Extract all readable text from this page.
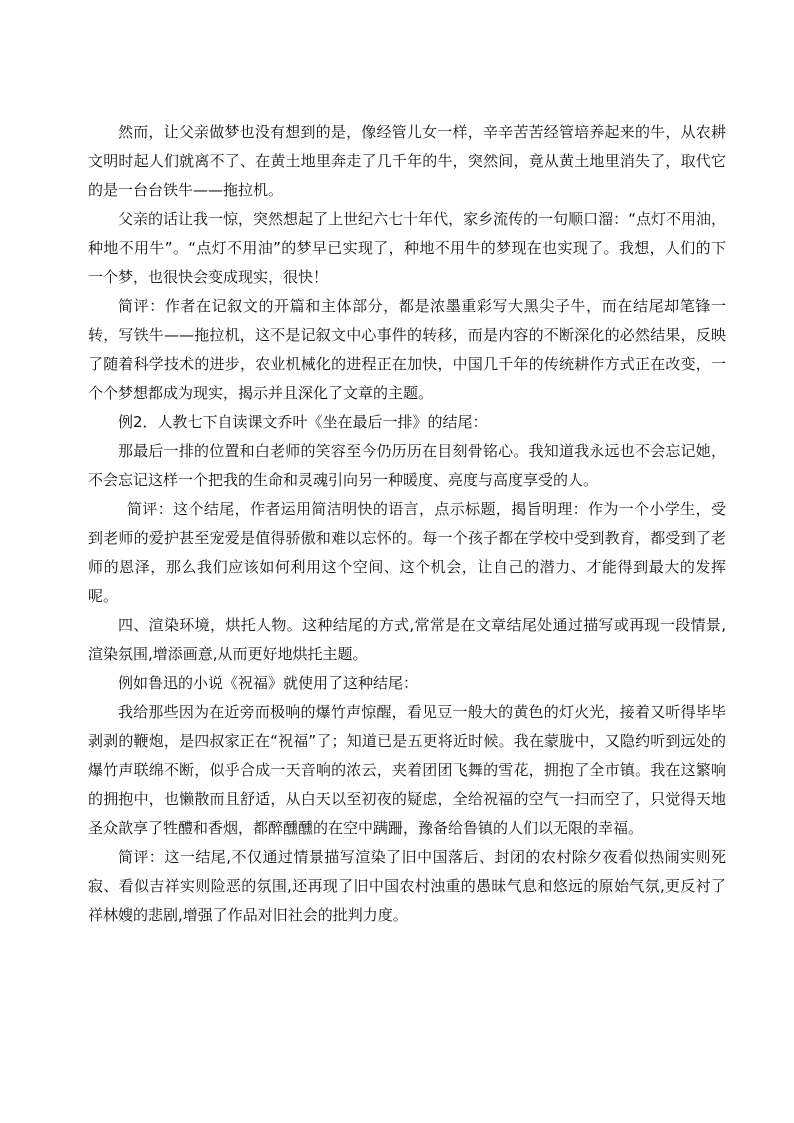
然而，让父亲做梦也没有想到的是，像经管儿女一样，辛辛苦苦经管培养起来的牛，从农耕文明时起人们就离不了、在黄土地里奔走了几千年的牛，突然间，竟从黄土地里消失了，取代它的是一台台铁牛——拖拉机。

父亲的话让我一惊，突然想起了上世纪六七十年代，家乡流传的一句顺口溜：“点灯不用油，种地不用牛”。“点灯不用油”的梦早已实现了，种地不用牛的梦现在也实现了。我想，人们的下一个梦，也很快会变成现实，很快！

简评：作者在记叙文的开篇和主体部分，都是浓墨重彩写大黑尖子牛，而在结尾却笔锋一转，写铁牛——拖拉机，这不是记叙文中心事件的转移，而是内容的不断深化的必然结果，反映了随着科学技术的进步，农业机械化的进程正在加快，中国几千年的传统耕作方式正在改变，一个个梦想都成为现实，揭示并且深化了文章的主题。

例2．人教七下自读课文乔叶《坐在最后一排》的结尾：

那最后一排的位置和白老师的笑容至今仍历历在目刻骨铭心。我知道我永远也不会忘记她，不会忘记这样一个把我的生命和灵魂引向另一种暖度、亮度与高度享受的人。

简评：这个结尾，作者运用简洁明快的语言，点示标题，揭旨明理：作为一个小学生，受到老师的爱护甚至宠爱是值得骄傲和难以忘怀的。每一个孩子都在学校中受到教育，都受到了老师的恩泽，那么我们应该如何利用这个空间、这个机会，让自己的潜力、才能得到最大的发挥呢。

四、渲染环境，烘托人物。这种结尾的方式,常常是在文章结尾处通过描写或再现一段情景,渲染氛围,增添画意,从而更好地烘托主题。

例如鲁迅的小说《祝福》就使用了这种结尾：

我给那些因为在近旁而极响的爆竹声惊醒，看见豆一般大的黄色的灯火光，接着又听得毕毕剥剥的鞭炮，是四叔家正在“祝福”了；知道已是五更将近时候。我在蒙胧中，又隐约听到远处的爆竹声联绵不断，似乎合成一天音响的浓云，夹着团团飞舞的雪花，拥抱了全市镇。我在这繁响的拥抱中，也懒散而且舒适，从白天以至初夜的疑虑，全给祝福的空气一扫而空了，只觉得天地圣众歆享了牲醴和香烟，都醉醺醺的在空中蹒跚，豫备给鲁镇的人们以无限的幸福。

简评：这一结尾,不仅通过情景描写渲染了旧中国落后、封闭的农村除夕夜看似热闹实则死寂、看似吉祥实则险恶的氛围,还再现了旧中国农村浊重的愚昧气息和悠远的原始气氛,更反衬了祥林嫂的悲剧,增强了作品对旧社会的批判力度。
